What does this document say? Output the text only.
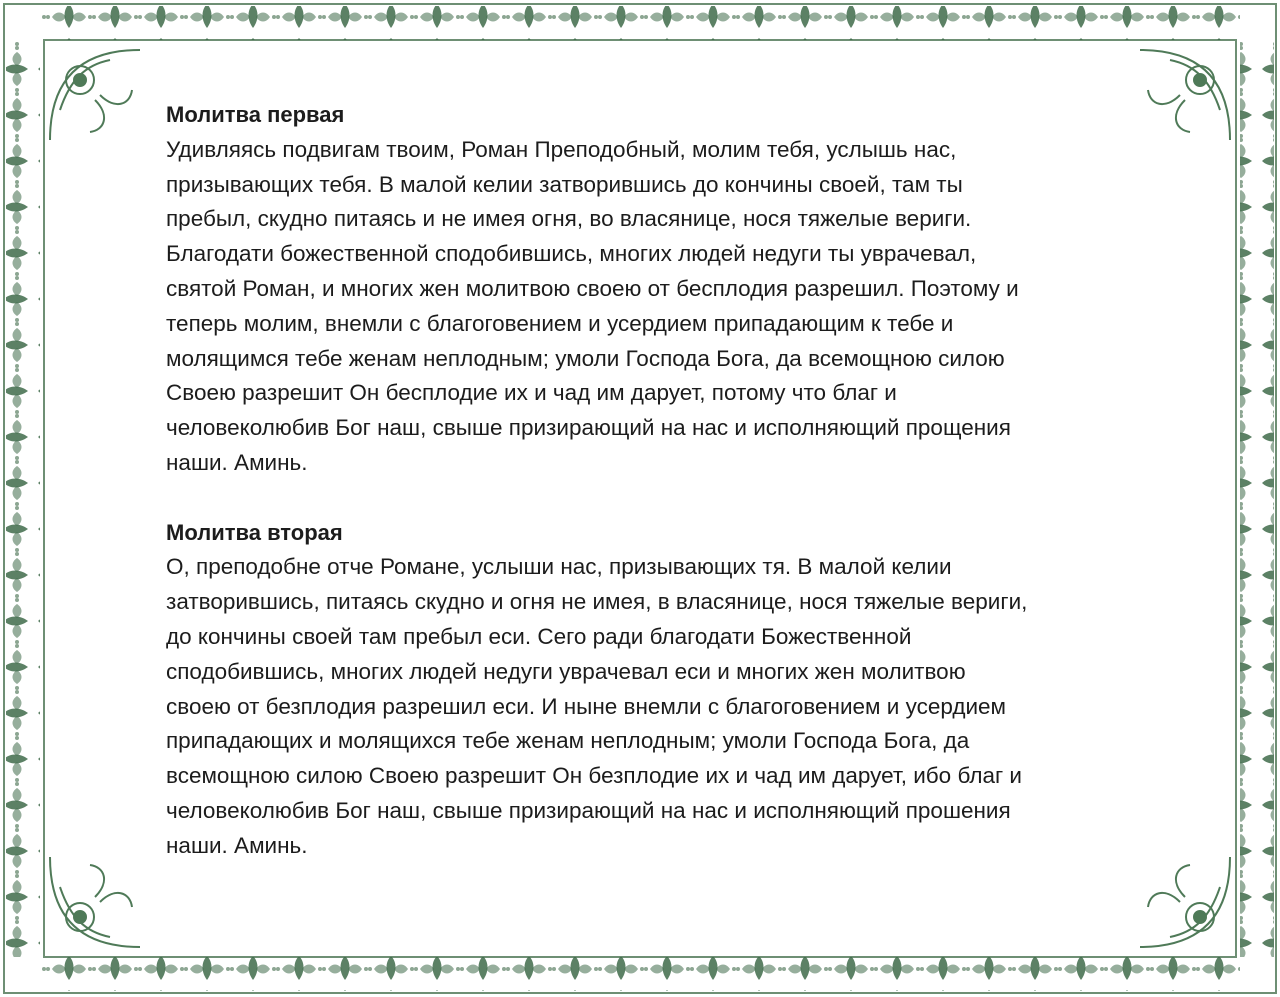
Молитва первая
Удивляясь подвигам твоим, Роман Преподобный, молим тебя, услышь нас,
призывающих тебя. В малой келии затворившись до кончины своей, там ты
пребыл, скудно питаясь и не имея огня, во власянице, нося тяжелые вериги.
Благодати божественной сподобившись, многих людей недуги ты уврачевал,
святой Роман, и многих жен молитвою своею от бесплодия разрешил. Поэтому и
теперь молим, внемли с благоговением и усердием припадающим к тебе и
молящимся тебе женам неплодным; умоли Господа Бога, да всемощною силою
Своею разрешит Он бесплодие их и чад им дарует, потому что благ и
человеколюбив Бог наш, свыше призирающий на нас и исполняющий прощения
наши. Аминь.
Молитва вторая
О, преподобне отче Романе, услыши нас, призывающих тя. В малой келии
затворившись, питаясь скудно и огня не имея, в власянице, нося тяжелые вериги,
до кончины своей там пребыл еси. Сего ради благодати Божественной
сподобившись, многих людей недуги уврачевал еси и многих жен молитвою
своею от безплодия разрешил еси. И ныне внемли с благоговением и усердием
припадающих и молящихся тебе женам неплодным; умоли Господа Бога, да
всемощною силою Своею разрешит Он безплодие их и чад им дарует, ибо благ и
человеколюбив Бог наш, свыше призирающий на нас и исполняющий прошения
наши. Аминь.
